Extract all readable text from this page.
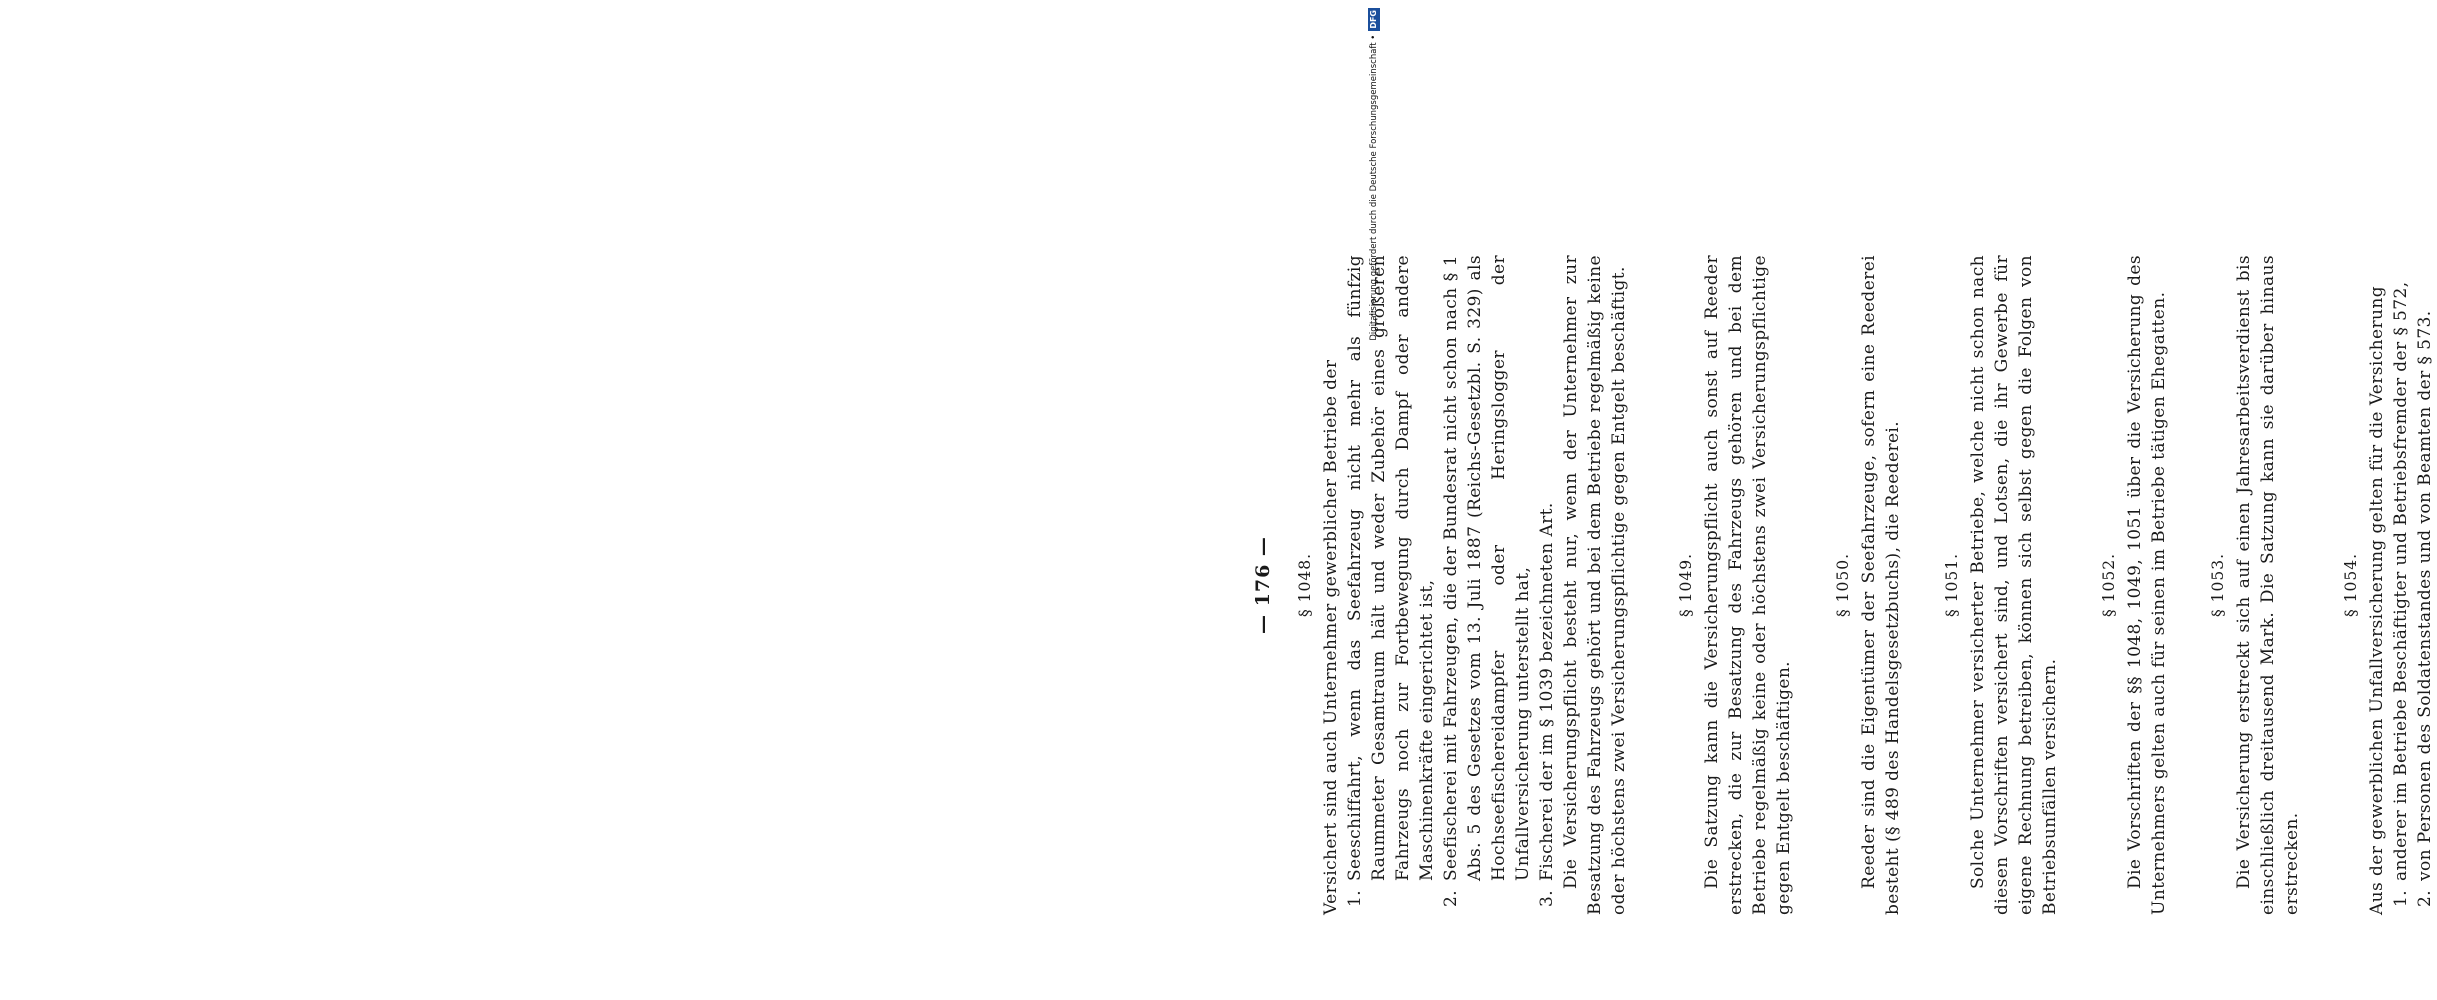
— 176 — § 1048. Versichert sind auch Unternehmer gewerblicher Betriebe der 1.
Seeschiffahrt, wenn das Seefahrzeug nicht mehr als fünfzig Raummeter Gesamtraum hält und weder Zubehör eines größeren Fahrzeugs noch zur Fortbewegung durch Dampf oder andere Maschinenkräfte eingerichtet ist,
2.
Seefischerei mit Fahrzeugen, die der Bundesrat nicht schon nach § 1 Abs. 5 des Gesetzes vom 13. Juli 1887 (Reichs-Gesetzbl. S. 329) als Hochseefischereidampfer oder Heringslogger der Unfallversicherung unterstellt hat,
3.
Fischerei der im § 1039 bezeichneten Art. Die Versicherungspflicht besteht nur, wenn der Unternehmer zur Besatzung des Fahrzeugs gehört und bei dem Betriebe regelmäßig keine oder höchstens zwei Versicherungspflichtige gegen Entgelt beschäftigt.	§ 1049. Die Satzung kann die Versicherungspflicht auch sonst auf Reeder erstrecken, die zur Besatzung des Fahrzeugs gehören und bei dem Betriebe regelmäßig keine oder höchstens zwei Versicherungspflichtige gegen Entgelt beschäftigen.

§ 1050. Reeder sind die Eigentümer der Seefahrzeuge, sofern eine Reederei besteht (§ 489 des Handelsgesetzbuchs), die Reederei.	§ 1051. Solche Unternehmer versicherter Betriebe, welche nicht schon nach diesen Vorschriften versichert sind, und Lotsen, die ihr Gewerbe für eigene Rechnung betreiben, können sich selbst gegen die Folgen von Betriebsunfällen versichern.

§ 1052. Die Vorschriften der §§ 1048, 1049, 1051 über die Versicherung des Unternehmers gelten auch für seinen im Betriebe tätigen Ehegatten.	§ 1053. Die Versicherung erstreckt sich auf einen Jahresarbeitsverdienst bis einschließlich dreitausend Mark. Die Satzung kann sie darüber hinaus erstrecken.

§ 1054. Aus der gewerblichen Unfallversicherung gelten für die Versicherung 1.
anderer im Betriebe Beschäftigter und Betriebsfremder der § 572,
2.
von Personen des Soldatenstandes und von Beamten der § 573.
Digitalisierung gefördert durch die Deutsche Forschungsgemeinschaft •
DFG
